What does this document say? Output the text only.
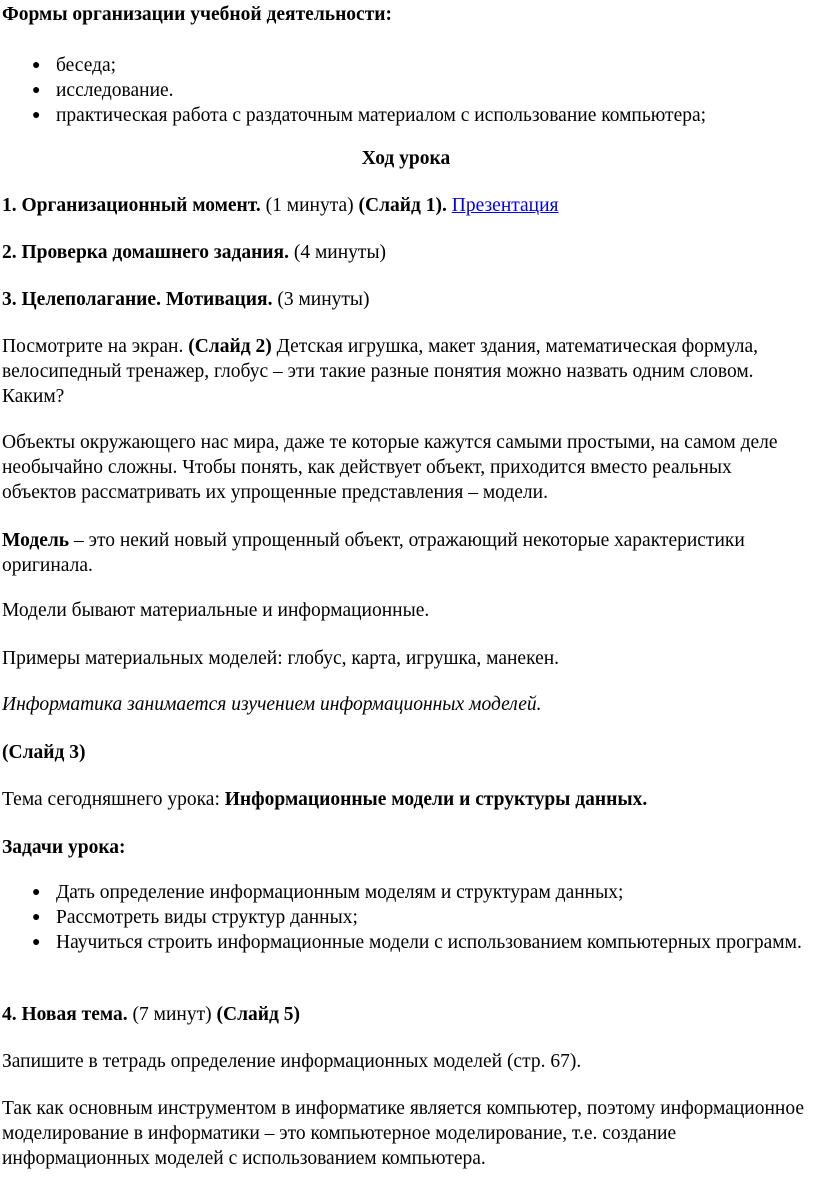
Формы организации учебной деятельности:

● беседа;
● исследование.
● практическая работа с раздаточным материалом с использование компьютера;

Ход урока

1. Организационный момент. (1 минута) (Слайд 1). Презентация

2. Проверка домашнего задания. (4 минуты)

3. Целеполагание. Мотивация. (3 минуты)

Посмотрите на экран. (Слайд 2) Детская игрушка, макет здания, математическая формула, велосипедный тренажер, глобус – эти такие разные понятия можно назвать одним словом. Каким?

Объекты окружающего нас мира, даже те которые кажутся самыми простыми, на самом деле необычайно сложны. Чтобы понять, как действует объект, приходится вместо реальных объектов рассматривать их упрощенные представления – модели.

Модель – это некий новый упрощенный объект, отражающий некоторые характеристики оригинала.

Модели бывают материальные и информационные.

Примеры материальных моделей: глобус, карта, игрушка, манекен.

Информатика занимается изучением информационных моделей.

(Слайд 3)

Тема сегодняшнего урока: Информационные модели и структуры данных.

Задачи урока:

● Дать определение информационным моделям и структурам данных;
● Рассмотреть виды структур данных;
● Научиться строить информационные модели с использованием компьютерных программ.

4. Новая тема. (7 минут) (Слайд 5)

Запишите в тетрадь определение информационных моделей (стр. 67).

Так как основным инструментом в информатике является компьютер, поэтому информационное моделирование в информатики – это компьютерное моделирование, т.е. создание информационных моделей с использованием компьютера.
